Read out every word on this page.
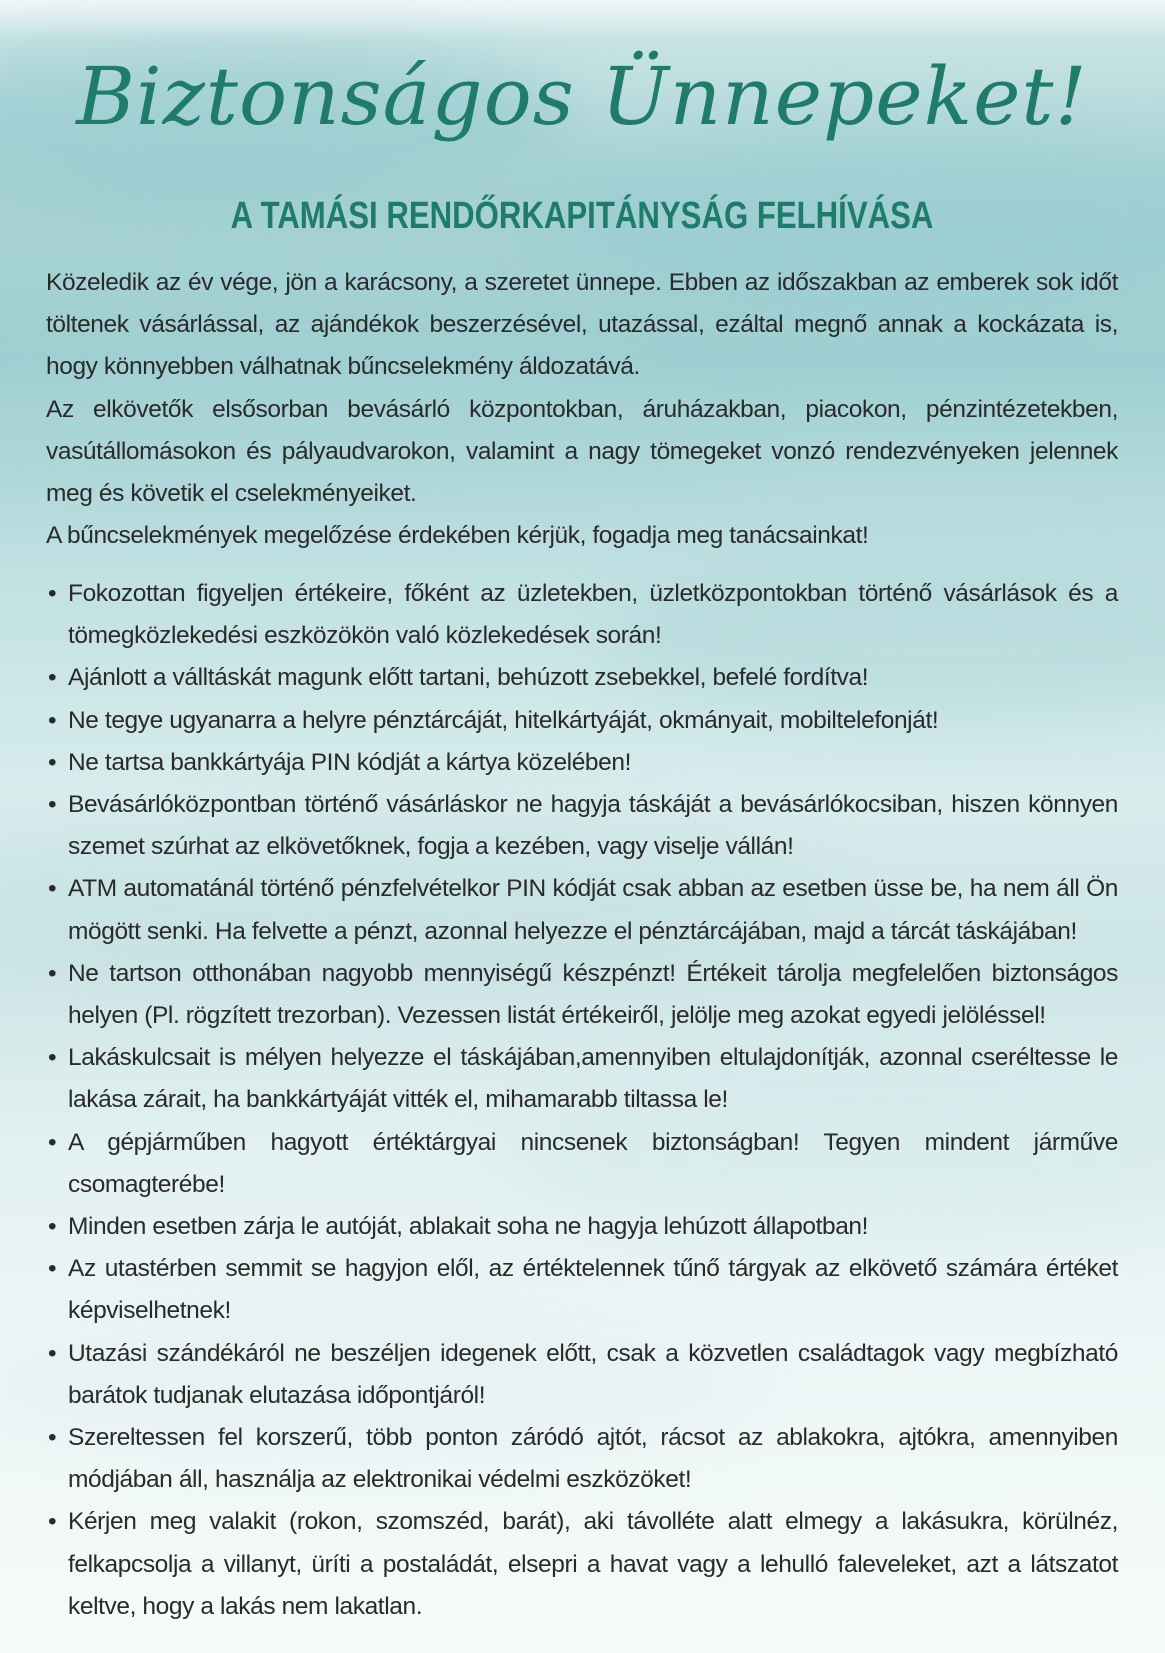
Biztonságos Ünnepeket!
A TAMÁSI RENDŐRKAPITÁNYSÁG FELHÍVÁSA

Közeledik az év vége, jön a karácsony, a szeretet ünnepe. Ebben az időszakban az emberek sok időt töltenek vásárlással, az ajándékok beszerzésével, utazással, ezáltal megnő annak a kockázata is, hogy könnyebben válhatnak bűncselekmény áldozatává.

Az elkövetők elsősorban bevásárló központokban, áruházakban, piacokon, pénzintézetekben, vasútállomásokon és pályaudvarokon, valamint a nagy tömegeket vonzó rendezvényeken jelennek meg és követik el cselekményeiket.

A bűncselekmények megelőzése érdekében kérjük, fogadja meg tanácsainkat!

• Fokozottan figyeljen értékeire, főként az üzletekben, üzletközpontokban történő vásárlások és a tömegközlekedési eszközökön való közlekedések során!
• Ajánlott a válltáskát magunk előtt tartani, behúzott zsebekkel, befelé fordítva!
• Ne tegye ugyanarra a helyre pénztárcáját, hitelkártyáját, okmányait, mobiltelefonját!
• Ne tartsa bankkártyája PIN kódját a kártya közelében!
• Bevásárlóközpontban történő vásárláskor ne hagyja táskáját a bevásárlókocsiban, hiszen könnyen szemet szúrhat az elkövetőknek, fogja a kezében, vagy viselje vállán!
• ATM automatánál történő pénzfelvételkor PIN kódját csak abban az esetben üsse be, ha nem áll Ön mögött senki. Ha felvette a pénzt, azonnal helyezze el pénztárcájában, majd a tárcát táskájában!
• Ne tartson otthonában nagyobb mennyiségű készpénzt! Értékeit tárolja megfelelően biztonságos helyen (Pl. rögzített trezorban). Vezessen listát értékeiről, jelölje meg azokat egyedi jelöléssel!
• Lakáskulcsait is mélyen helyezze el táskájában,amennyiben eltulajdonítják, azonnal cseréltesse le lakása zárait, ha bankkártyáját vitték el, mihamarabb tiltassa le!
• A gépjárműben hagyott értéktárgyai nincsenek biztonságban! Tegyen mindent járműve csomagterébe!
• Minden esetben zárja le autóját, ablakait soha ne hagyja lehúzott állapotban!
• Az utastérben semmit se hagyjon elől, az értéktelennek tűnő tárgyak az elkövető számára értéket képviselhetnek!
• Utazási szándékáról ne beszéljen idegenek előtt, csak a közvetlen családtagok vagy megbízható barátok tudjanak elutazása időpontjáról!
• Szereltessen fel korszerű, több ponton záródó ajtót, rácsot az ablakokra, ajtókra, amennyiben módjában áll, használja az elektronikai védelmi eszközöket!
• Kérjen meg valakit (rokon, szomszéd, barát), aki távolléte alatt elmegy a lakásukra, körülnéz, felkapcsolja a villanyt, üríti a postaládát, elsepri a havat vagy a lehulló faleveleket, azt a látszatot keltve, hogy a lakás nem lakatlan.
